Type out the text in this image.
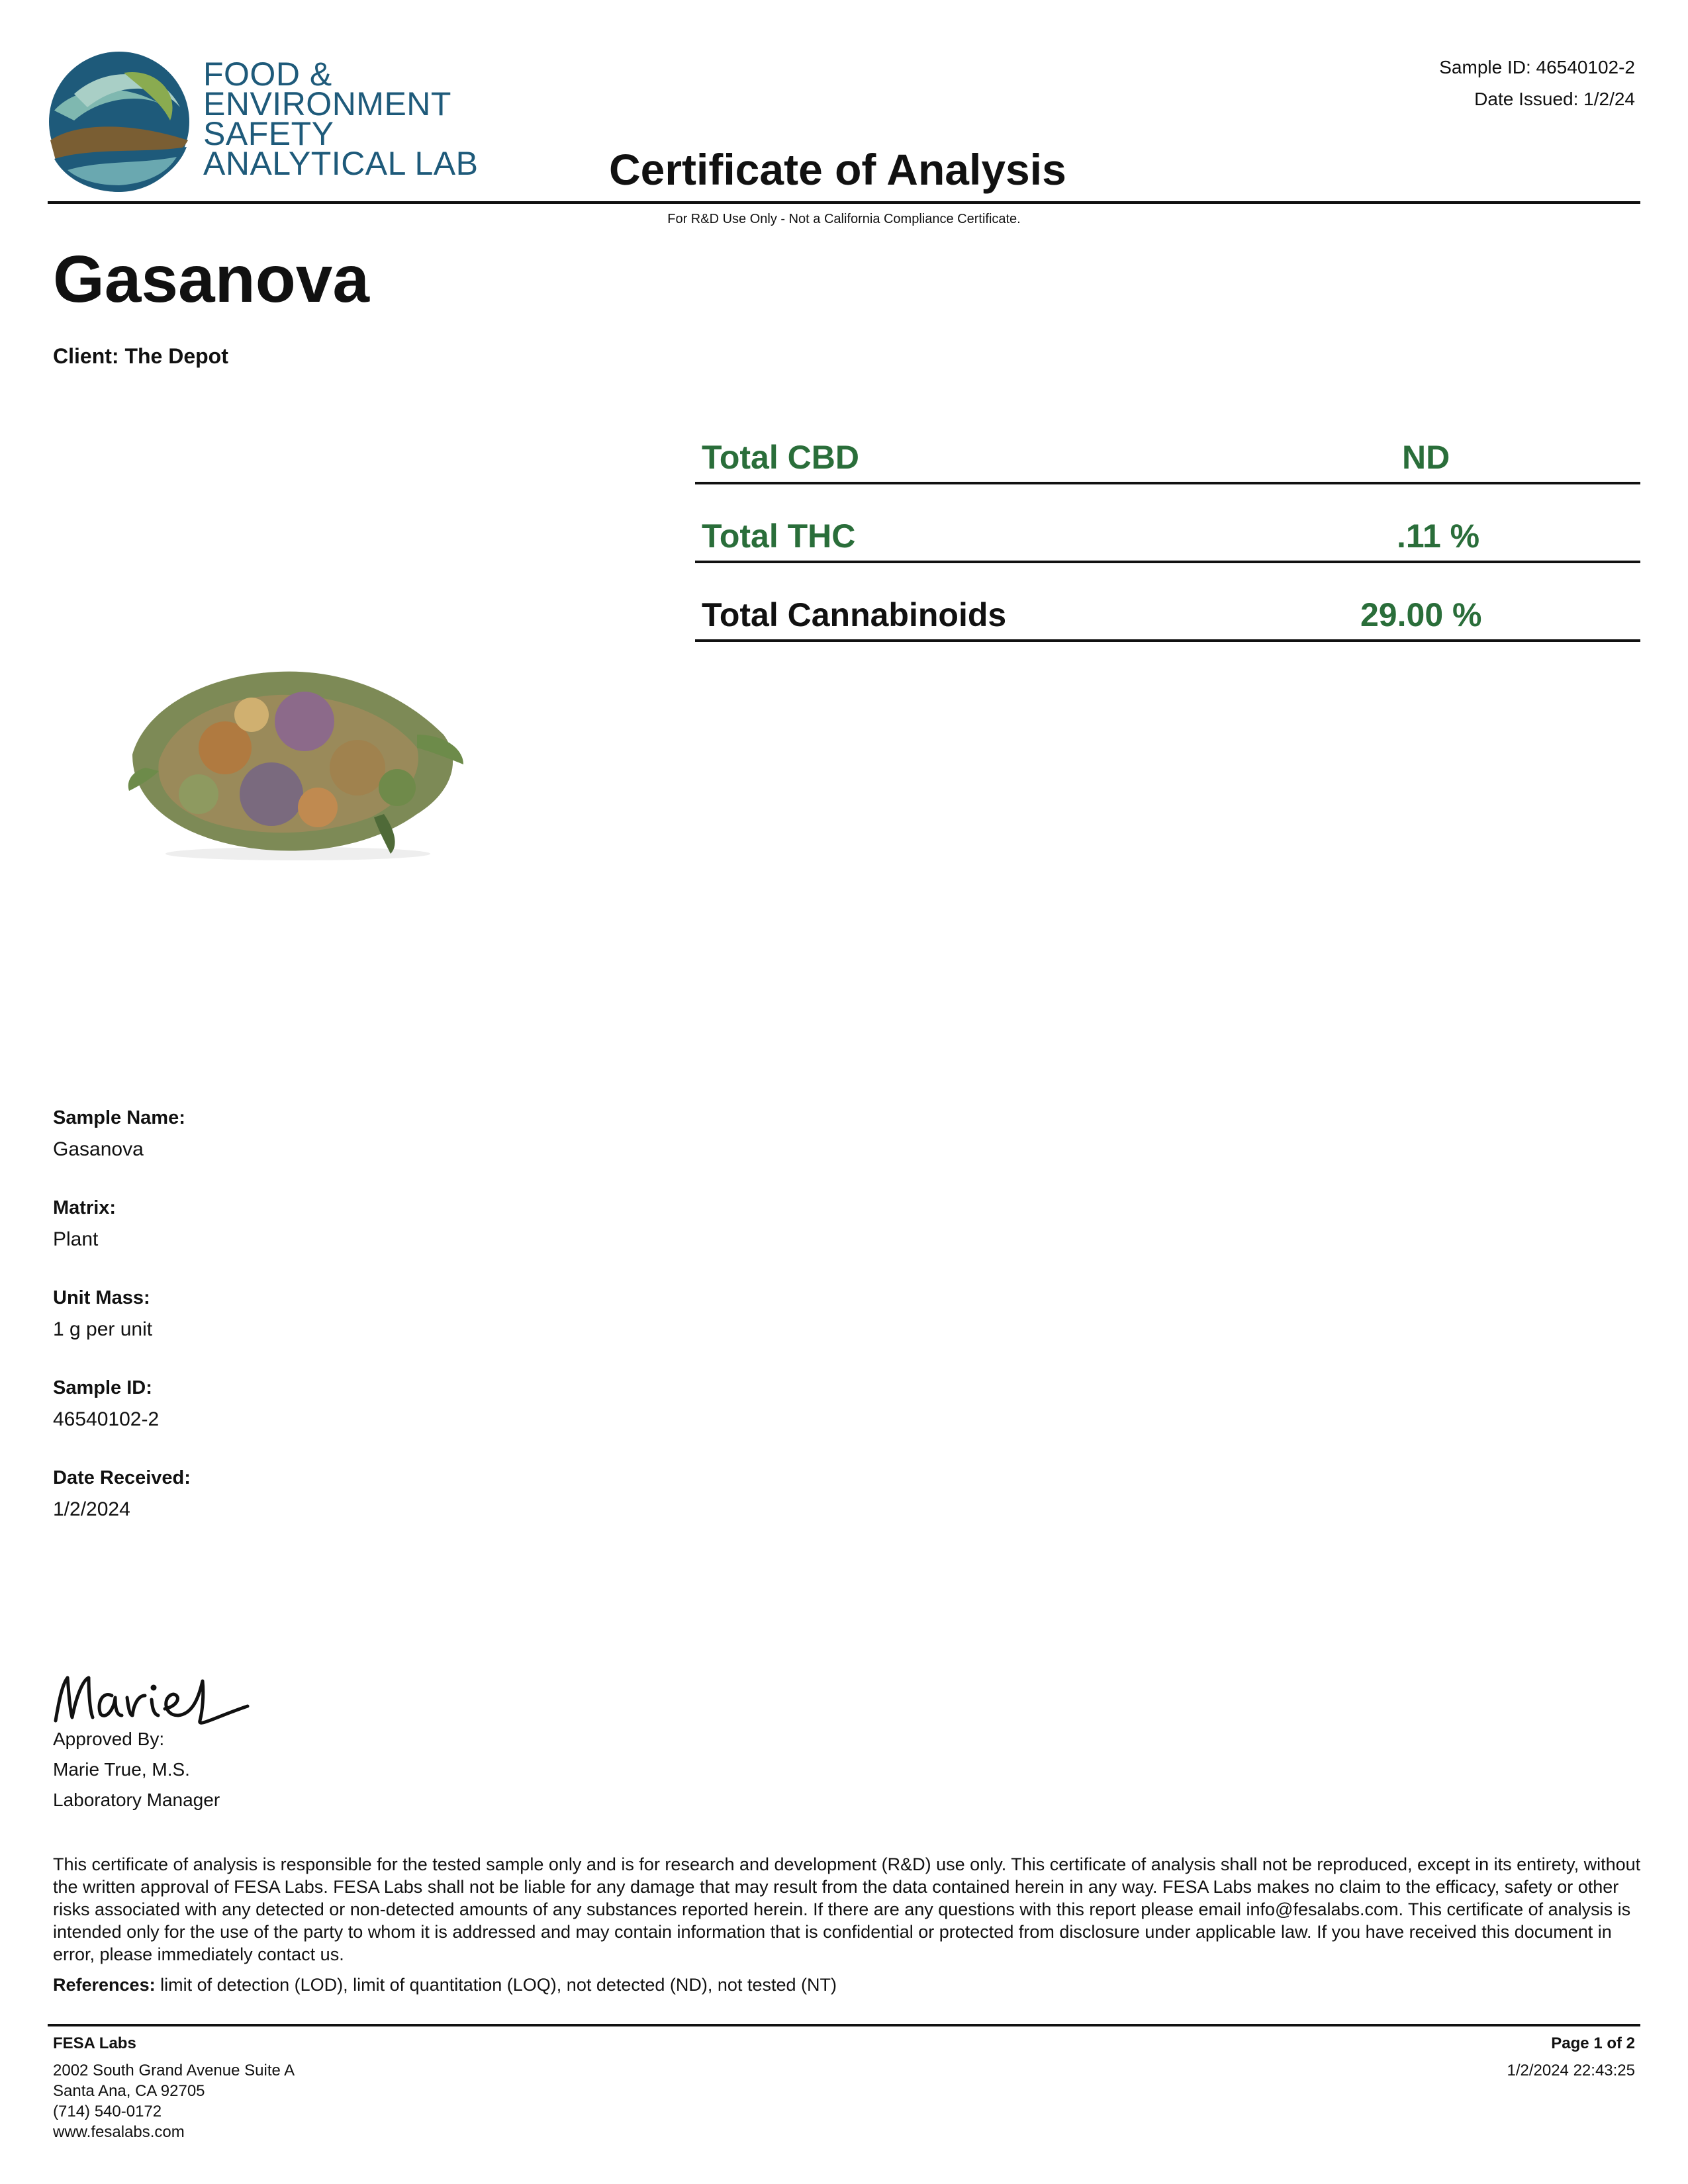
FOOD &
ENVIRONMENT
SAFETY
ANALYTICAL LAB
Sample ID: 46540102-2
Date Issued: 1/2/24
Certificate of Analysis
For R&D Use Only - Not a California Compliance Certificate.
Gasanova
Client: The Depot
Total CBD	ND
Total THC	.11 %
Total Cannabinoids	29.00 %
Sample Name:
Gasanova
Matrix:
Plant
Unit Mass:
1 g per unit
Sample ID:
46540102-2
Date Received:
1/2/2024
Approved By:
Marie True, M.S.
Laboratory Manager
This certificate of analysis is responsible for the tested sample only and is for research and development (R&D) use only. This certificate of analysis shall not be reproduced, except in its entirety, without the written approval of FESA Labs. FESA Labs shall not be liable for any damage that may result from the data contained herein in any way. FESA Labs makes no claim to the efficacy, safety or other risks associated with any detected or non-detected amounts of any substances reported herein. If there are any questions with this report please email info@fesalabs.com. This certificate of analysis is intended only for the use of the party to whom it is addressed and may contain information that is confidential or protected from disclosure under applicable law. If you have received this document in error, please immediately contact us.
References: limit of detection (LOD), limit of quantitation (LOQ), not detected (ND), not tested (NT)
FESA Labs
2002 South Grand Avenue Suite A
Santa Ana, CA 92705
(714) 540-0172
www.fesalabs.com
Page 1 of 2
1/2/2024 22:43:25
